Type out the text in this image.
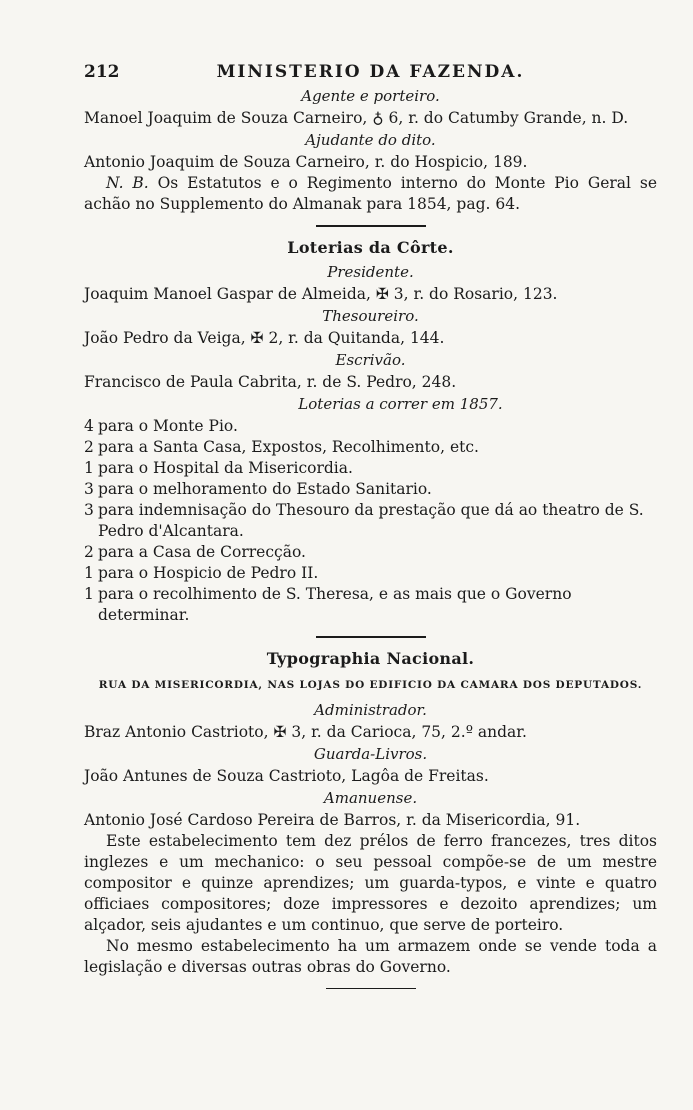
212	MINISTERIO DA FAZENDA.
Agente e porteiro.
Manoel Joaquim de Souza Carneiro, ♁ 6, r. do Catumby Grande, n. D.
Ajudante do dito.
Antonio Joaquim de Souza Carneiro, r. do Hospicio, 189.
N. B. Os Estatutos e o Regimento interno do Monte Pio Geral se achão no Supplemento do Almanak para 1854, pag. 64.
Loterias da Côrte.
Presidente.
Joaquim Manoel Gaspar de Almeida, ✠ 3, r. do Rosario, 123.
Thesoureiro.
João Pedro da Veiga, ✠ 2, r. da Quitanda, 144.
Escrivão.
Francisco de Paula Cabrita, r. de S. Pedro, 248.
Loterias a correr em 1857.
4 para o Monte Pio.
2 para a Santa Casa, Expostos, Recolhimento, etc.
1 para o Hospital da Misericordia.
3 para o melhoramento do Estado Sanitario.
3 para indemnisação do Thesouro da prestação que dá ao theatro de S. Pedro d'Alcantara.
2 para a Casa de Correcção.
1 para o Hospicio de Pedro II.
1 para o recolhimento de S. Theresa, e as mais que o Governo determinar.
Typographia Nacional.
RUA DA MISERICORDIA, NAS LOJAS DO EDIFICIO DA CAMARA DOS DEPUTADOS.
Administrador.
Braz Antonio Castrioto, ✠ 3, r. da Carioca, 75, 2.º andar.
Guarda-Livros.
João Antunes de Souza Castrioto, Lagôa de Freitas.
Amanuense.
Antonio José Cardoso Pereira de Barros, r. da Misericordia, 91.
Este estabelecimento tem dez prélos de ferro francezes, tres ditos inglezes e um mechanico: o seu pessoal compõe-se de um mestre compositor e quinze aprendizes; um guarda-typos, e vinte e quatro officiaes compositores; doze impressores e dezoito aprendizes; um alçador, seis ajudantes e um continuo, que serve de porteiro.
No mesmo estabelecimento ha um armazem onde se vende toda a legislação e diversas outras obras do Governo.
